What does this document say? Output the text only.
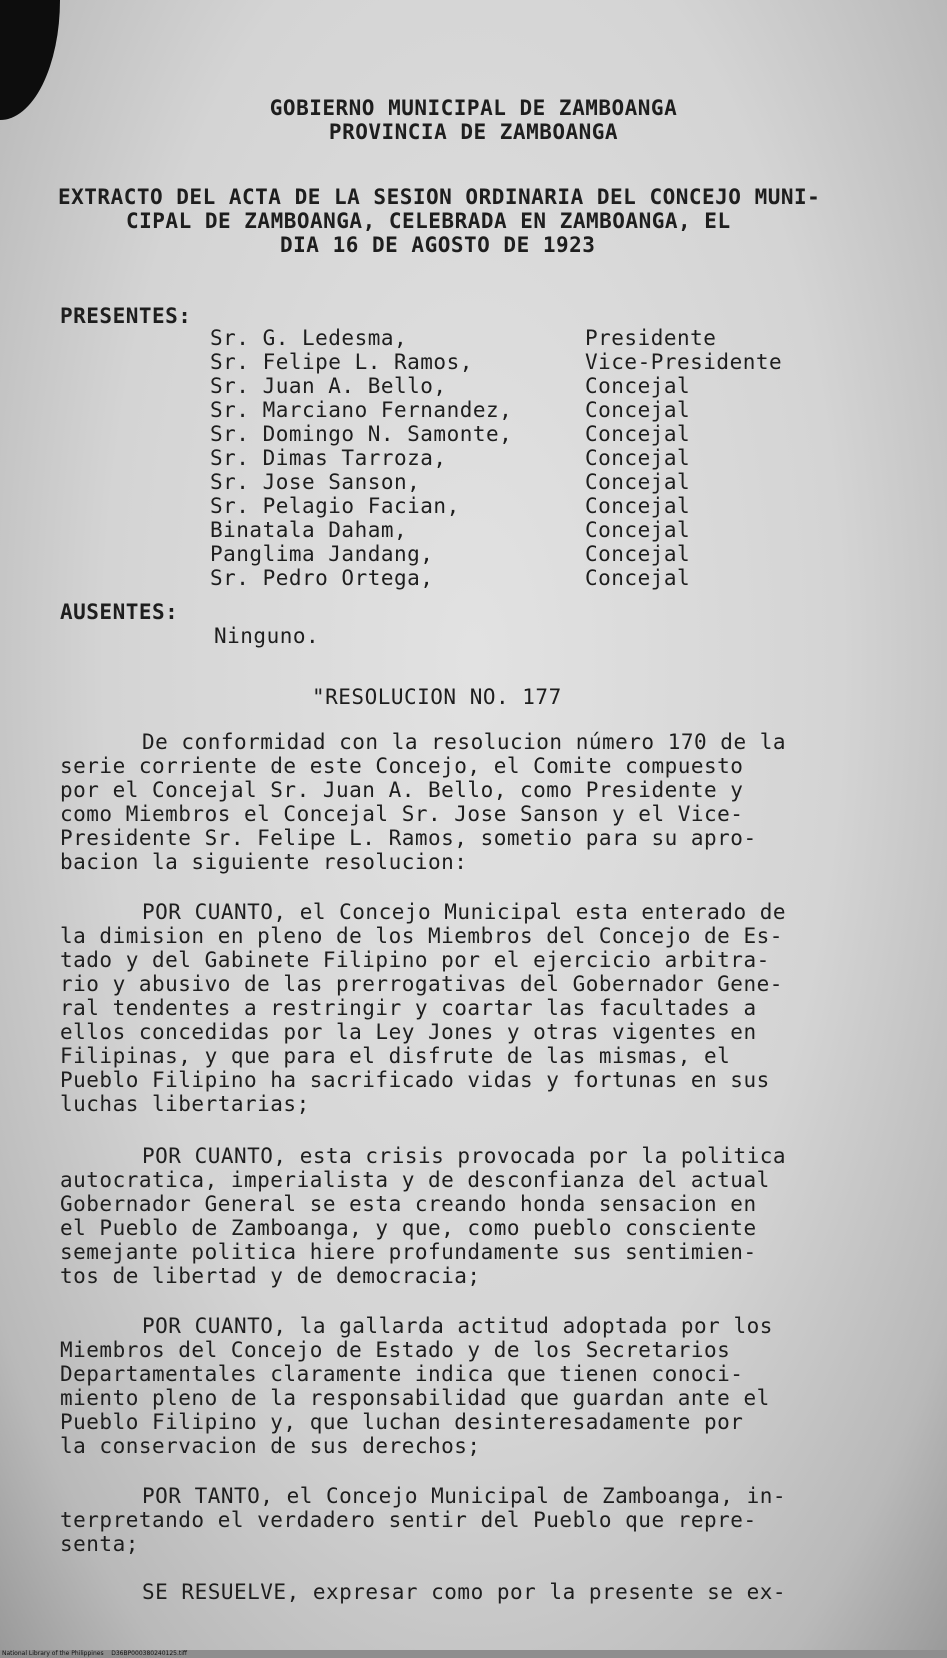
GOBIERNO MUNICIPAL DE ZAMBOANGA
PROVINCIA DE ZAMBOANGA
EXTRACTO DEL ACTA DE LA SESION ORDINARIA DEL CONCEJO MUNI-
CIPAL DE ZAMBOANGA, CELEBRADA EN ZAMBOANGA, EL
DIA 16 DE AGOSTO DE 1923
PRESENTES:
Sr. G. Ledesma,	Presidente
Sr. Felipe L. Ramos,	Vice-Presidente
Sr. Juan A. Bello,	Concejal
Sr. Marciano Fernandez,	Concejal
Sr. Domingo N. Samonte,	Concejal
Sr. Dimas Tarroza,	Concejal
Sr. Jose Sanson,	Concejal
Sr. Pelagio Facian,	Concejal
Binatala Daham,	Concejal
Panglima Jandang,	Concejal
Sr. Pedro Ortega,	Concejal
AUSENTES:
Ninguno.
"RESOLUCION NO. 177
De conformidad con la resolucion número 170 de la
serie corriente de este Concejo, el Comite compuesto
por el Concejal Sr. Juan A. Bello, como Presidente y
como Miembros el Concejal Sr. Jose Sanson y el Vice-
Presidente Sr. Felipe L. Ramos, sometio para su apro-
bacion la siguiente resolucion:
POR CUANTO, el Concejo Municipal esta enterado de
la dimision en pleno de los Miembros del Concejo de Es-
tado y del Gabinete Filipino por el ejercicio arbitra-
rio y abusivo de las prerrogativas del Gobernador Gene-
ral tendentes a restringir y coartar las facultades a
ellos concedidas por la Ley Jones y otras vigentes en
Filipinas, y que para el disfrute de las mismas, el
Pueblo Filipino ha sacrificado vidas y fortunas en sus
luchas libertarias;
POR CUANTO, esta crisis provocada por la politica
autocratica, imperialista y de desconfianza del actual
Gobernador General se esta creando honda sensacion en
el Pueblo de Zamboanga, y que, como pueblo consciente
semejante politica hiere profundamente sus sentimien-
tos de libertad y de democracia;
POR CUANTO, la gallarda actitud adoptada por los
Miembros del Concejo de Estado y de los Secretarios
Departamentales claramente indica que tienen conoci-
miento pleno de la responsabilidad que guardan ante el
Pueblo Filipino y, que luchan desinteresadamente por
la conservacion de sus derechos;
POR TANTO, el Concejo Municipal de Zamboanga, in-
terpretando el verdadero sentir del Pueblo que repre-
senta;
SE RESUELVE, expresar como por la presente se ex-
National Library of the Philippines    D36BP000380240125.tiff
